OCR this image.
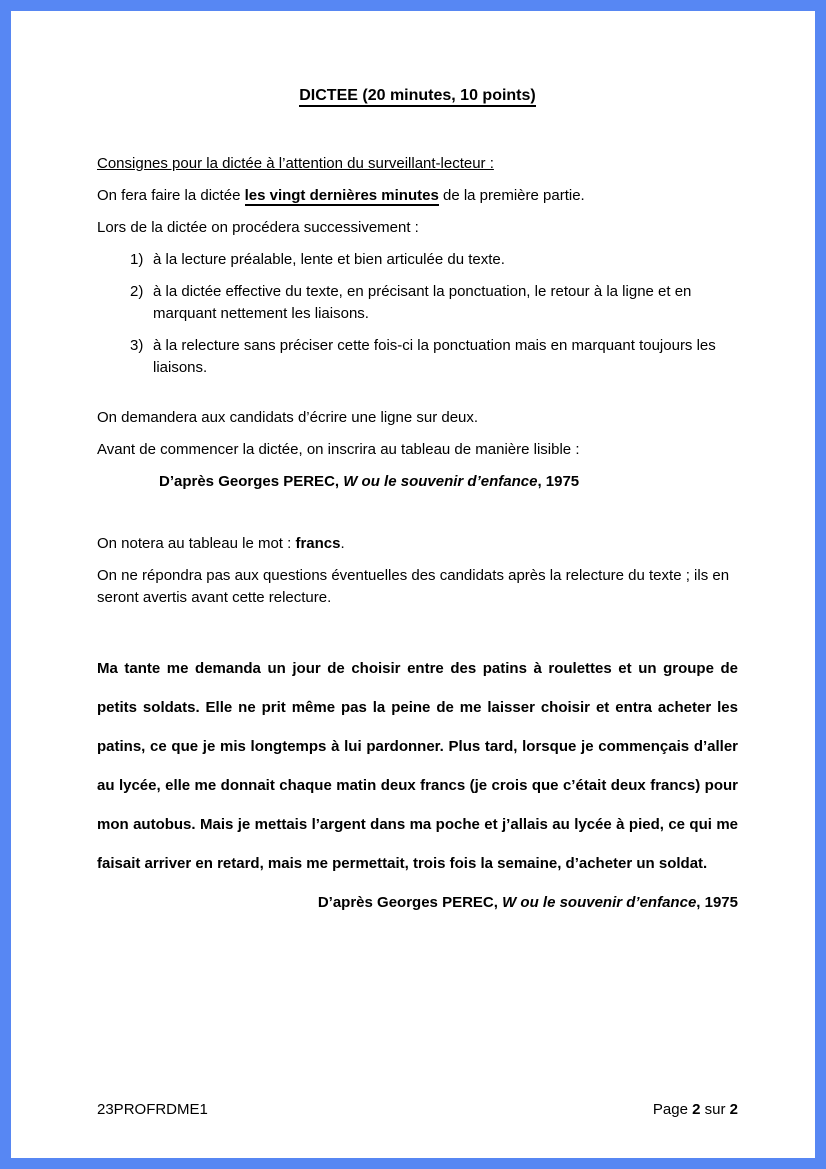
DICTEE (20 minutes, 10 points)

Consignes pour la dictée à l’attention du surveillant-lecteur :

On fera faire la dictée les vingt dernières minutes de la première partie.

Lors de la dictée on procédera successivement :

1) à la lecture préalable, lente et bien articulée du texte.
2) à la dictée effective du texte, en précisant la ponctuation, le retour à la ligne et en marquant nettement les liaisons.
3) à la relecture sans préciser cette fois-ci la ponctuation mais en marquant toujours les liaisons.

On demandera aux candidats d’écrire une ligne sur deux.

Avant de commencer la dictée, on inscrira au tableau de manière lisible :

D’après Georges PEREC, W ou le souvenir d’enfance, 1975

On notera au tableau le mot : francs.

On ne répondra pas aux questions éventuelles des candidats après la relecture du texte ; ils en seront avertis avant cette relecture.

Ma tante me demanda un jour de choisir entre des patins à roulettes et un groupe de petits soldats. Elle ne prit même pas la peine de me laisser choisir et entra acheter les patins, ce que je mis longtemps à lui pardonner. Plus tard, lorsque je commençais d’aller au lycée, elle me donnait chaque matin deux francs (je crois que c’était deux francs) pour mon autobus. Mais je mettais l’argent dans ma poche et j’allais au lycée à pied, ce qui me faisait arriver en retard, mais me permettait, trois fois la semaine, d’acheter un soldat.

D’après Georges PEREC, W ou le souvenir d’enfance, 1975

23PROFRDME1	Page 2 sur 2
